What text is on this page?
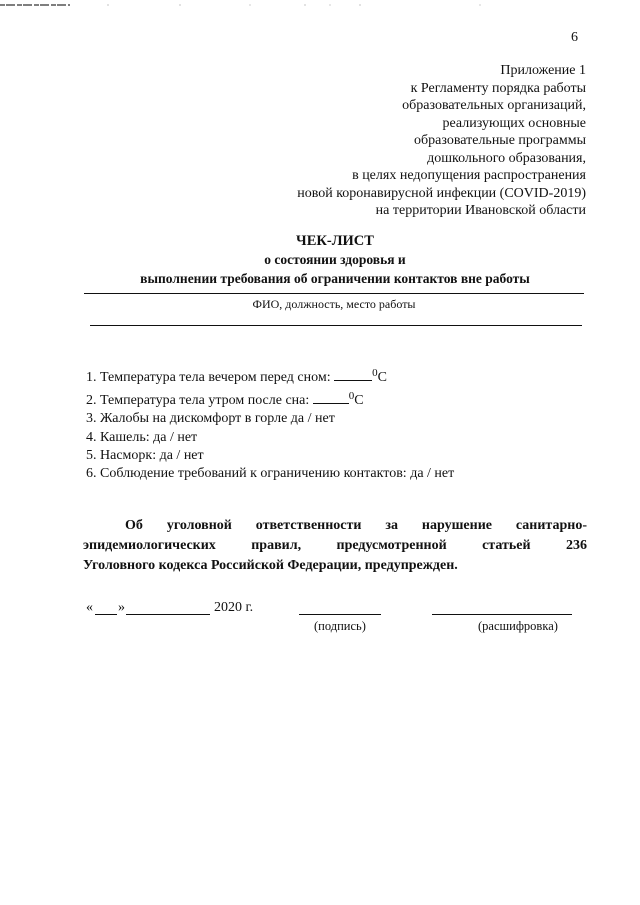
6
Приложение 1
к Регламенту порядка работы
образовательных организаций,
реализующих основные
образовательные программы
дошкольного образования,
в целях недопущения распространения
новой коронавирусной инфекции (COVID-2019)
на территории Ивановской области
ЧЕК-ЛИСТ
о состоянии здоровья и
выполнении требования об ограничении контактов вне работы
ФИО, должность, место работы
1. Температура тела вечером перед сном:	$^0$С
2. Температура тела утром после сна:	$^0$С
3. Жалобы на дискомфорт в горле да / нет
4. Кашель: да / нет
5. Насморк: да / нет
6. Соблюдение требований к ограничению контактов: да / нет
Об уголовной ответственности за нарушение санитарно-
эпидемиологических правил, предусмотренной статьей 236
Уголовного кодекса Российской Федерации, предупрежден.
« »	2020 г.
(подпись)	(расшифровка)
